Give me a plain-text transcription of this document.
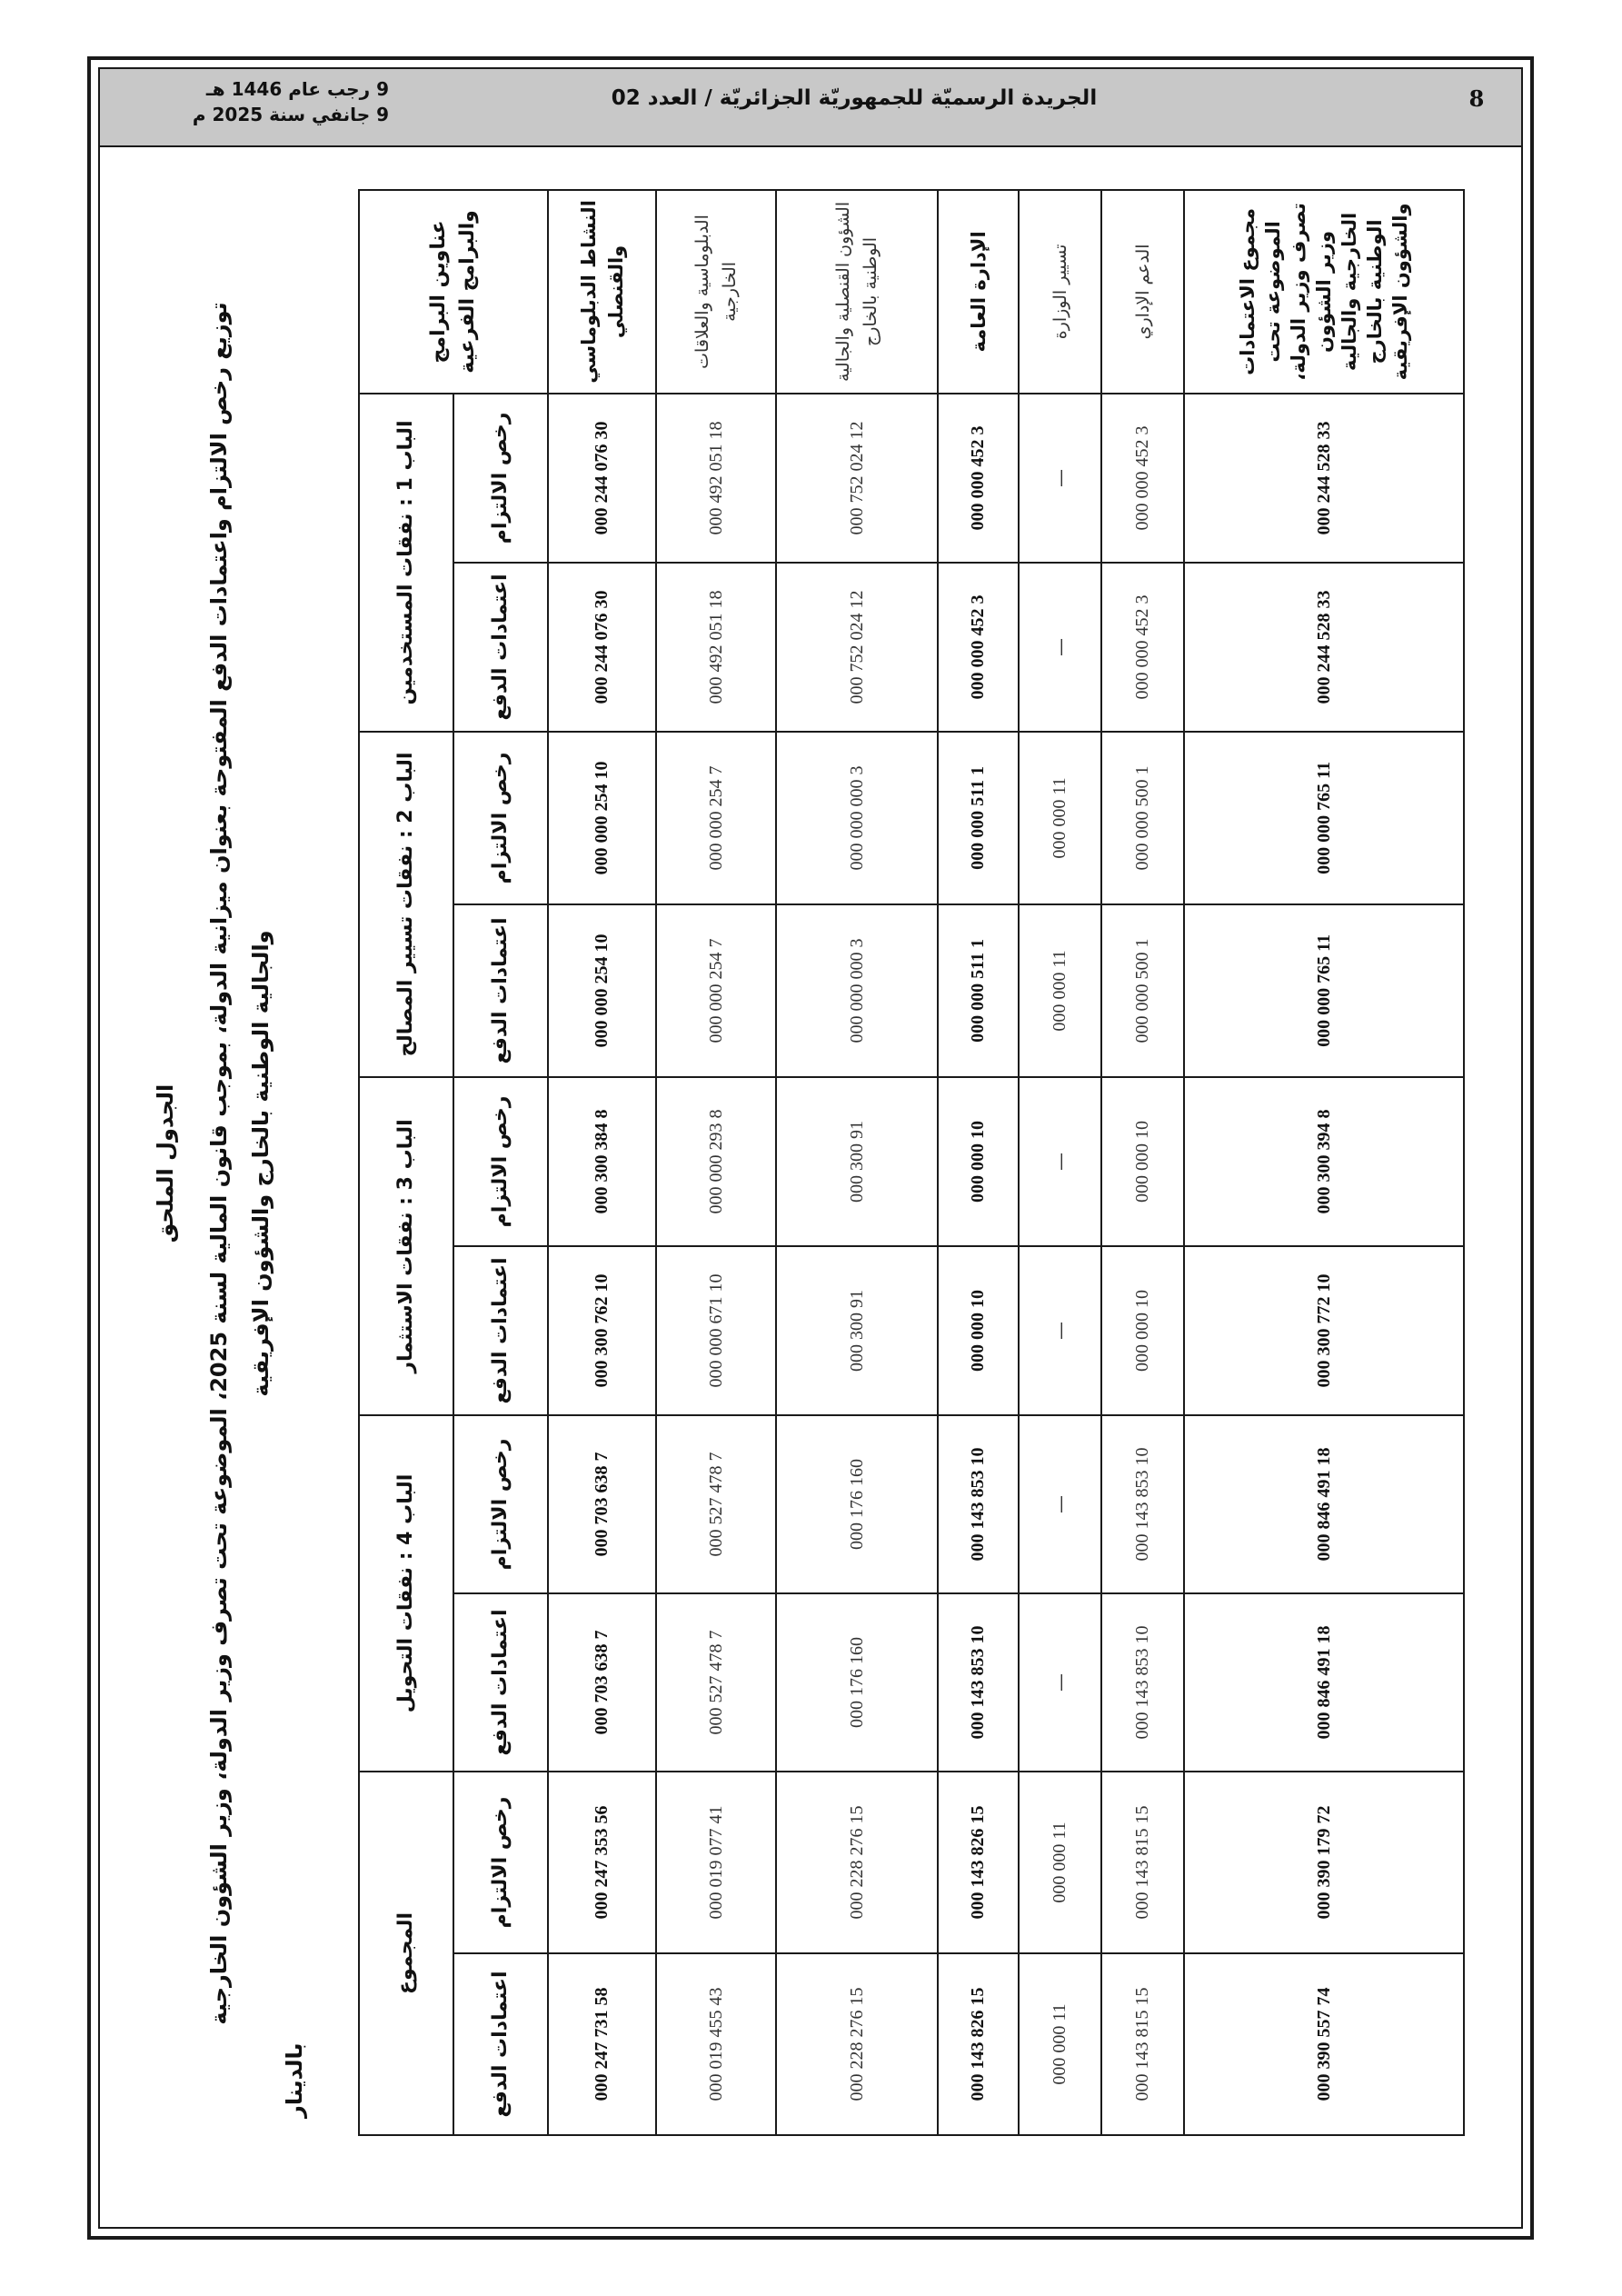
8
الجريدة الرسميّة للجمهوريّة الجزائريّة / العدد 02
9 رجب عام 1446 هـ
9 جانفي سنة 2025 م
الجدول الملحق
توزيع رخص الالتزام واعتمادات الدفع المفتوحة بعنوان ميزانية الدولة، بموجب قانون المالية لسنة 2025، الموضوعة تحت تصرف وزير الدولة، وزير الشؤون الخارجية والجالية الوطنية بالخارج والشؤون الإفريقية
بالدينار
عناوين البرامج والبرامج الفرعية	الباب 1 : نفقات المستخدمين		الباب 2 : نفقات تسيير المصالح		الباب 3 : نفقات الاستثمار		الباب 4 : نفقات التحويل		المجموع	
	رخص الالتزام	اعتمادات الدفع	رخص الالتزام	اعتمادات الدفع	رخص الالتزام	اعتمادات الدفع	رخص الالتزام	اعتمادات الدفع	رخص الالتزام	اعتمادات الدفع
النشاط الدبلوماسي والقنصلي	30 076 244 000	30 076 244 000	10 254 000 000	10 254 000 000	8 384 300 000	10 762 300 000	7 638 703 000	7 638 703 000	56 353 247 000	58 731 247 000
الدبلوماسية والعلاقات الخارجية	18 051 492 000	18 051 492 000	7 254 000 000	7 254 000 000	8 293 000 000	10 671 000 000	7 478 527 000	7 478 527 000	41 077 019 000	43 455 019 000
الشؤون القنصلية والجالية الوطنية بالخارج	12 024 752 000	12 024 752 000	3 000 000 000	3 000 000 000	91 300 000	91 300 000	160 176 000	160 176 000	15 276 228 000	15 276 228 000
الإدارة العامة	3 452 000 000	3 452 000 000	1 511 000 000	1 511 000 000	10 000 000	10 000 000	10 853 143 000	10 853 143 000	15 826 143 000	15 826 143 000
تسيير الوزارة	—	—	11 000 000	11 000 000	—	—	—	—	11 000 000	11 000 000
الدعم الإداري	3 452 000 000	3 452 000 000	1 500 000 000	1 500 000 000	10 000 000	10 000 000	10 853 143 000	10 853 143 000	15 815 143 000	15 815 143 000
مجموع الاعتمادات الموضوعة تحت تصرف وزير الدولة، وزير الشؤون الخارجية والجالية الوطنية بالخارج والشؤون الإفريقية	33 528 244 000	33 528 244 000	11 765 000 000	11 765 000 000	8 394 300 000	10 772 300 000	18 491 846 000	18 491 846 000	72 179 390 000	74 557 390 000
